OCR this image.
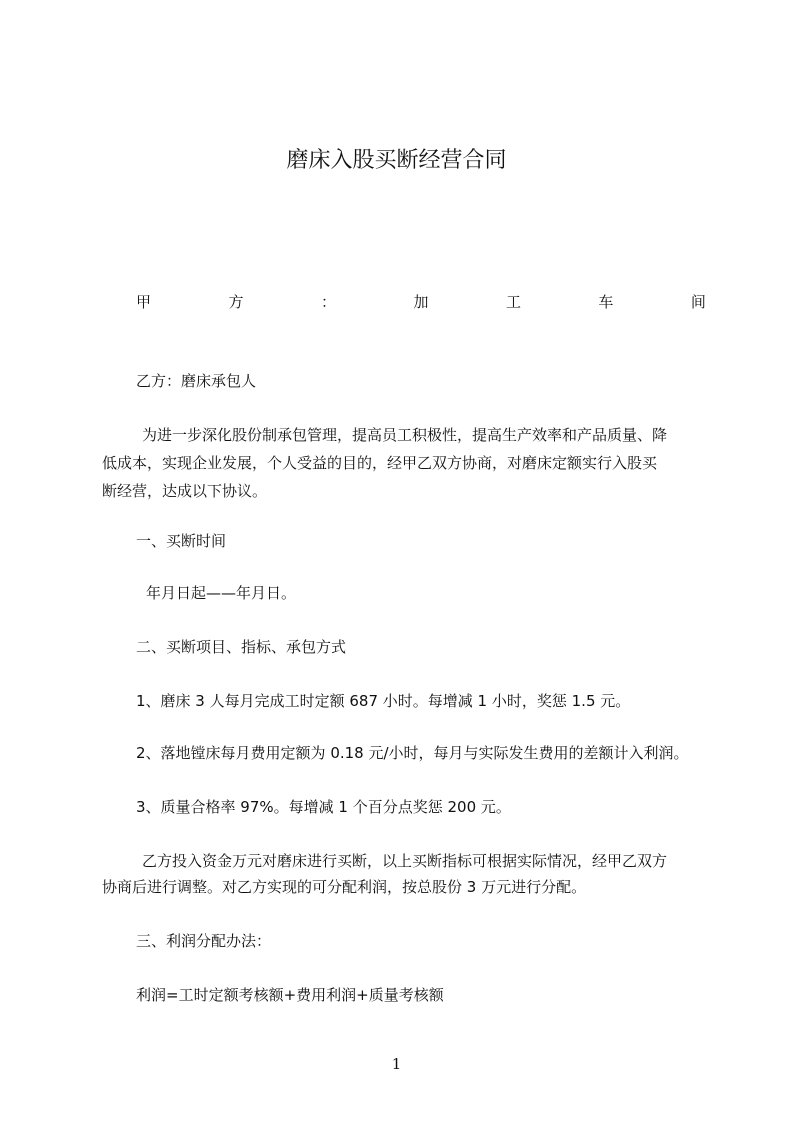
磨床入股买断经营合同
甲	方	：	加	工	车	间
乙方：磨床承包人
为进一步深化股份制承包管理，提高员工积极性，提高生产效率和产品质量、降
低成本，实现企业发展，个人受益的目的，经甲乙双方协商，对磨床定额实行入股买
断经营，达成以下协议。
一、买断时间
年月日起——年月日。
二、买断项目、指标、承包方式
1、磨床 3 人每月完成工时定额 687 小时。每增减 1 小时，奖惩 1.5 元。
2、落地镗床每月费用定额为 0.18 元/小时，每月与实际发生费用的差额计入利润。
3、质量合格率 97%。每增减 1 个百分点奖惩 200 元。
乙方投入资金万元对磨床进行买断，以上买断指标可根据实际情况，经甲乙双方
协商后进行调整。对乙方实现的可分配利润，按总股份 3 万元进行分配。
三、利润分配办法：
利润=工时定额考核额+费用利润+质量考核额
1
